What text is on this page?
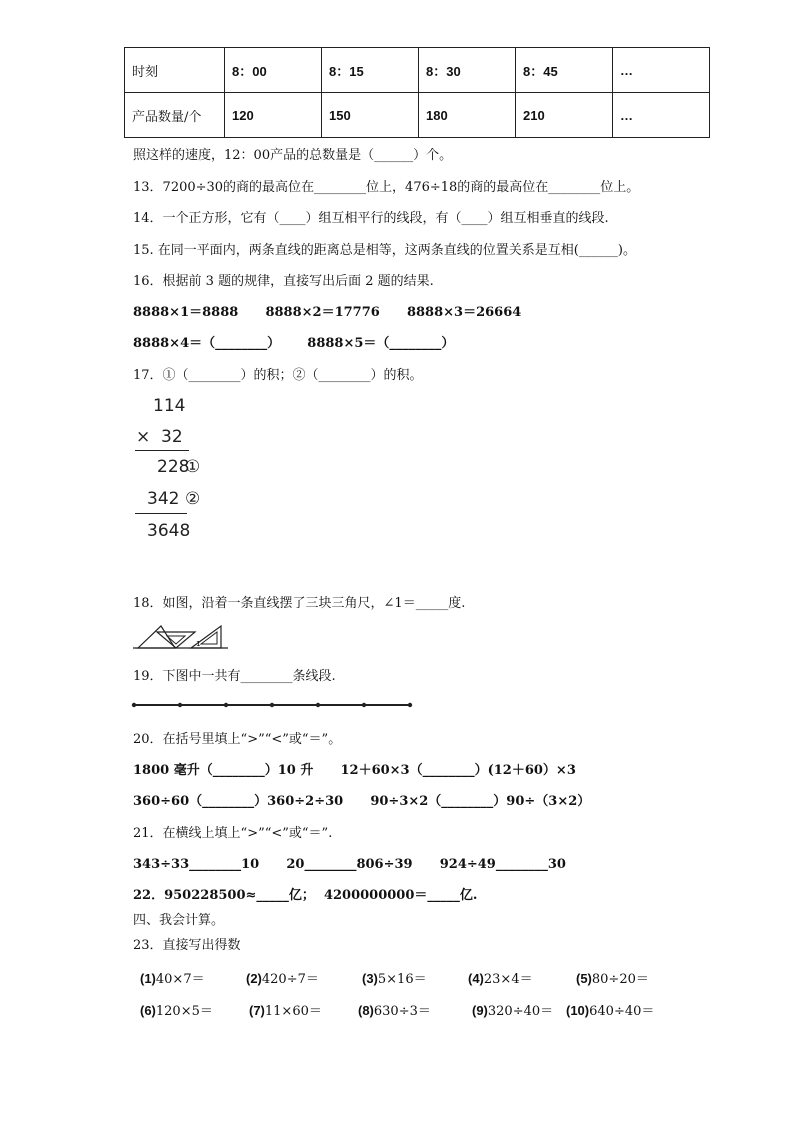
时刻	8：00	8：15	8：30	8：45	…
产品数量/个	120	150	180	210	…
照这样的速度，12：00产品的总数量是（______）个。
13．7200÷30的商的最高位在________位上，476÷18的商的最高位在________位上。
14．一个正方形，它有（____）组互相平行的线段，有（____）组互相垂直的线段.
15. 在同一平面内，两条直线的距离总是相等，这两条直线的位置关系是互相(______)。
16．根据前 3 题的规律，直接写出后面 2 题的结果.
8888×1＝8888      8888×2＝17776      8888×3＝26664
8888×4＝（________）      8888×5＝（________）
17．①（________）的积；②（________）的积。
114
×  32
228
①
342 ②
3648
18．如图，沿着一条直线摆了三块三角尺，∠1＝_____度.
1
19．下图中一共有________条线段.
20．在括号里填上“>”“<”或“＝”。
1800 毫升（________）10 升      12＋60×3（________）(12＋60）×3
360÷60（________）360÷2÷30      90÷3×2（________）90÷（3×2）
21．在横线上填上“>”“<”或“＝”.
343÷33________10      20________806÷39      924÷49________30
22．950228500≈_____亿；  4200000000＝_____亿.
四、我会计算。
23．直接写出得数
(1)40×7＝	(2)420÷7＝	(3)5×16＝	(4)23×4＝	(5)80÷20＝
(6)120×5＝	(7)11×60＝	(8)630÷3＝	(9)320÷40＝ (10)640÷40＝
